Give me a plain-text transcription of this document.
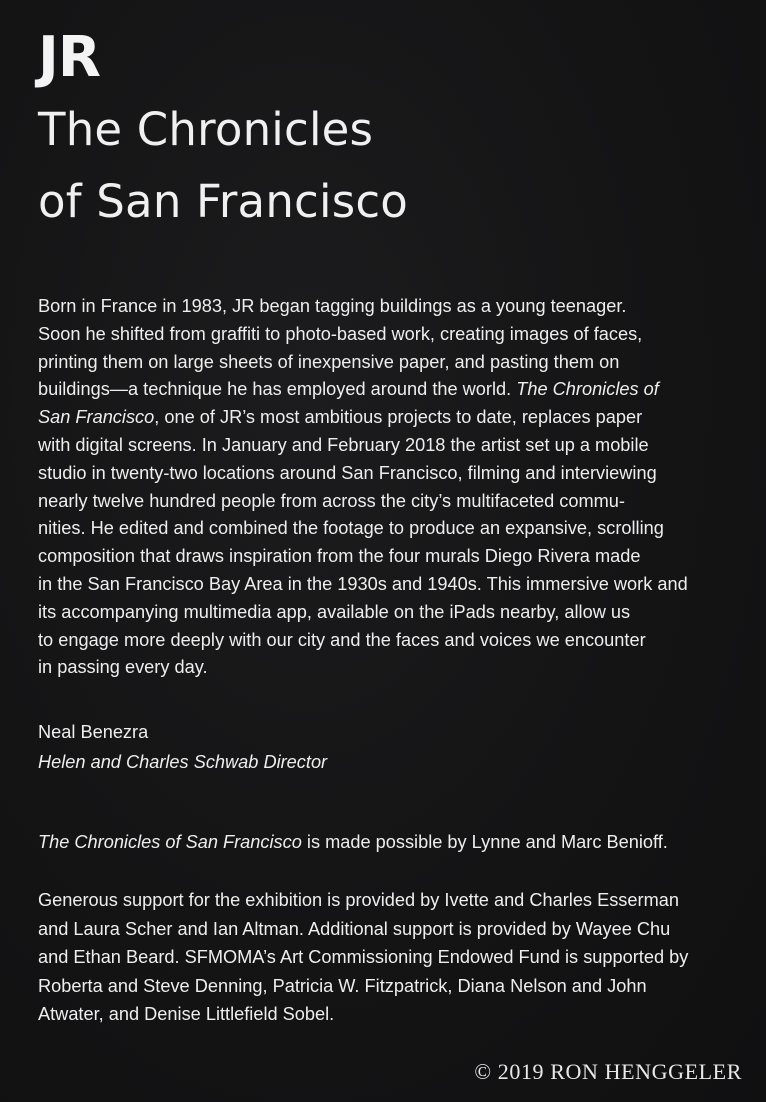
JR
The Chronicles
of San Francisco

Born in France in 1983, JR began tagging buildings as a young teenager.

Soon he shifted from graffiti to photo-based work, creating images of faces,

printing them on large sheets of inexpensive paper, and pasting them on

buildings—a technique he has employed around the world. The Chronicles of

San Francisco, one of JR’s most ambitious projects to date, replaces paper

with digital screens. In January and February 2018 the artist set up a mobile

studio in twenty-two locations around San Francisco, filming and interviewing

nearly twelve hundred people from across the city’s multifaceted commu-

nities. He edited and combined the footage to produce an expansive, scrolling

composition that draws inspiration from the four murals Diego Rivera made

in the San Francisco Bay Area in the 1930s and 1940s. This immersive work and

its accompanying multimedia app, available on the iPads nearby, allow us

to engage more deeply with our city and the faces and voices we encounter

in passing every day.

Neal Benezra
Helen and Charles Schwab Director
The Chronicles of San Francisco is made possible by Lynne and Marc Benioff.
Generous support for the exhibition is provided by Ivette and Charles Esserman
and Laura Scher and Ian Altman. Additional support is provided by Wayee Chu
and Ethan Beard. SFMOMA’s Art Commissioning Endowed Fund is supported by
Roberta and Steve Denning, Patricia W. Fitzpatrick, Diana Nelson and John
Atwater, and Denise Littlefield Sobel.
© 2019 RON HENGGELER
